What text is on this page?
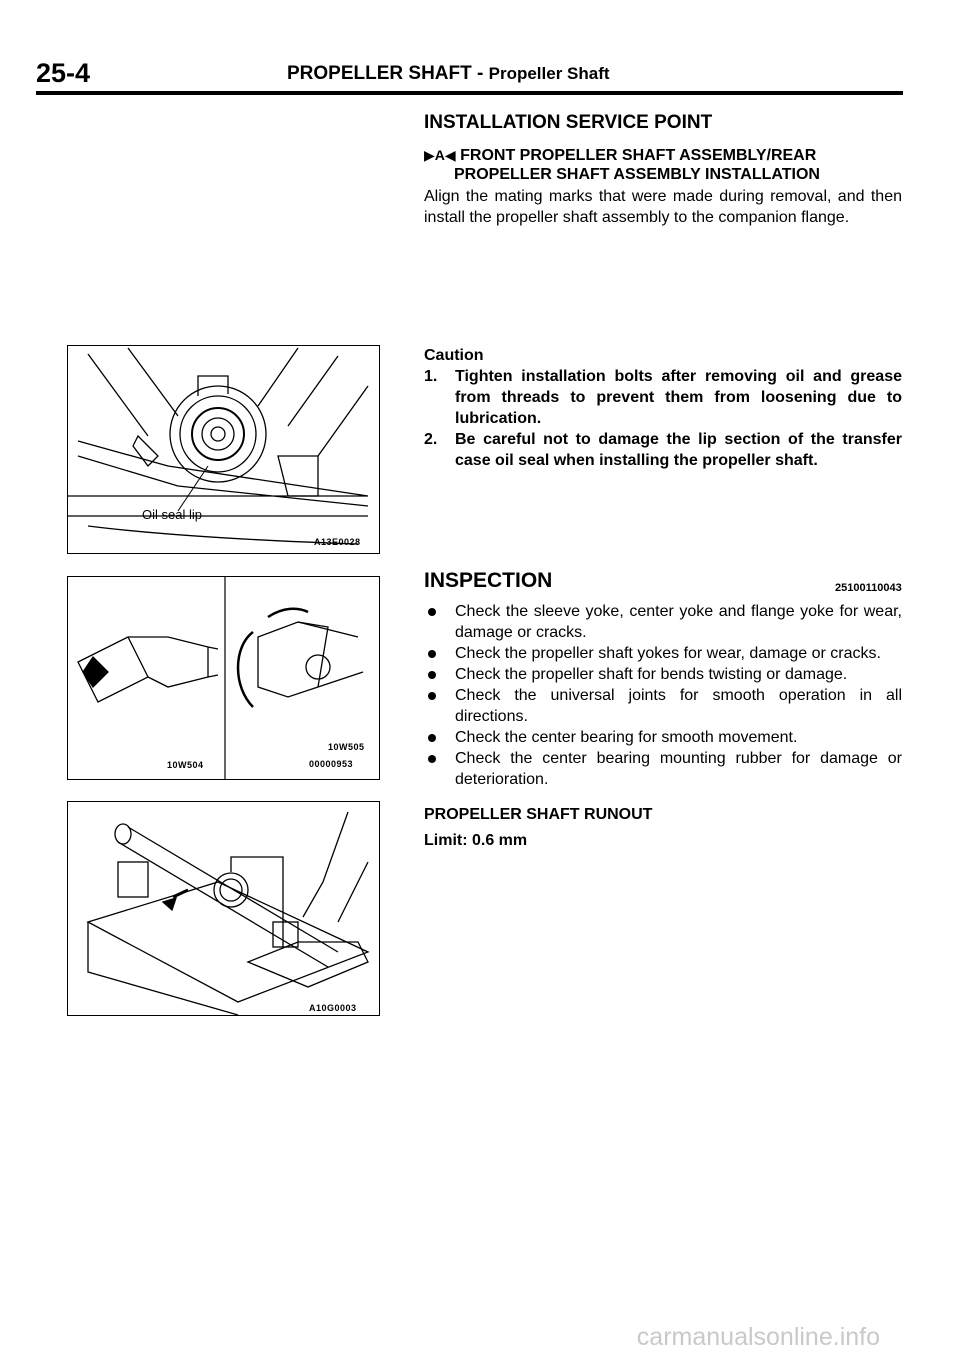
25-4	PROPELLER SHAFT - Propeller Shaft
INSTALLATION SERVICE POINT
▶A◀ FRONT PROPELLER SHAFT ASSEMBLY/REAR
PROPELLER SHAFT ASSEMBLY INSTALLATION

Align the mating marks that were made during removal, and then install the propeller shaft assembly to the companion flange.

Caution
1. Tighten installation bolts after removing oil and grease from threads to prevent them from loosening due to lubrication.
2. Be careful not to damage the lip section of the transfer case oil seal when installing the propeller shaft.
INSPECTION	25100110043
Check the sleeve yoke, center yoke and flange yoke for wear, damage or cracks.
Check the propeller shaft yokes for wear, damage or cracks.
Check the propeller shaft for bends twisting or damage.
Check the universal joints for smooth operation in all directions.
Check the center bearing for smooth movement.
Check the center bearing mounting rubber for damage or deterioration.
PROPELLER SHAFT RUNOUT
Limit: 0.6 mm
Oil seal lip
A13E0028
10W504
10W505
00000953
A10G0003
carmanualsonline.info
